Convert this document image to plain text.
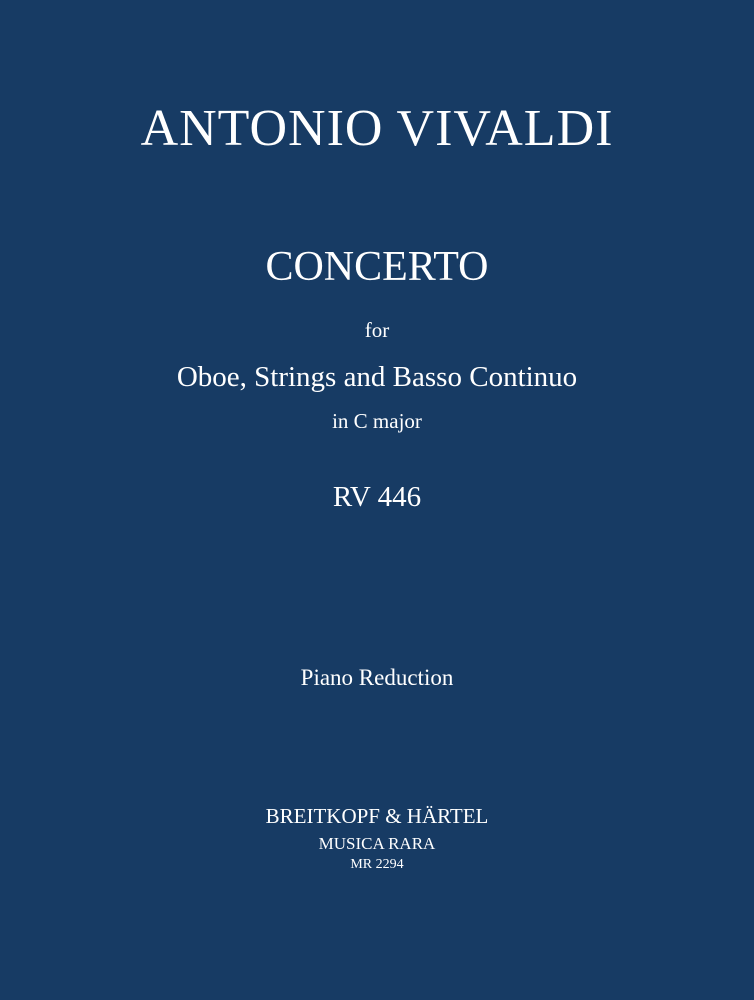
ANTONIO VIVALDI
CONCERTO
for
Oboe, Strings and Basso Continuo
in C major
RV 446
Piano Reduction
BREITKOPF & HÄRTEL
MUSICA RARA
MR 2294
